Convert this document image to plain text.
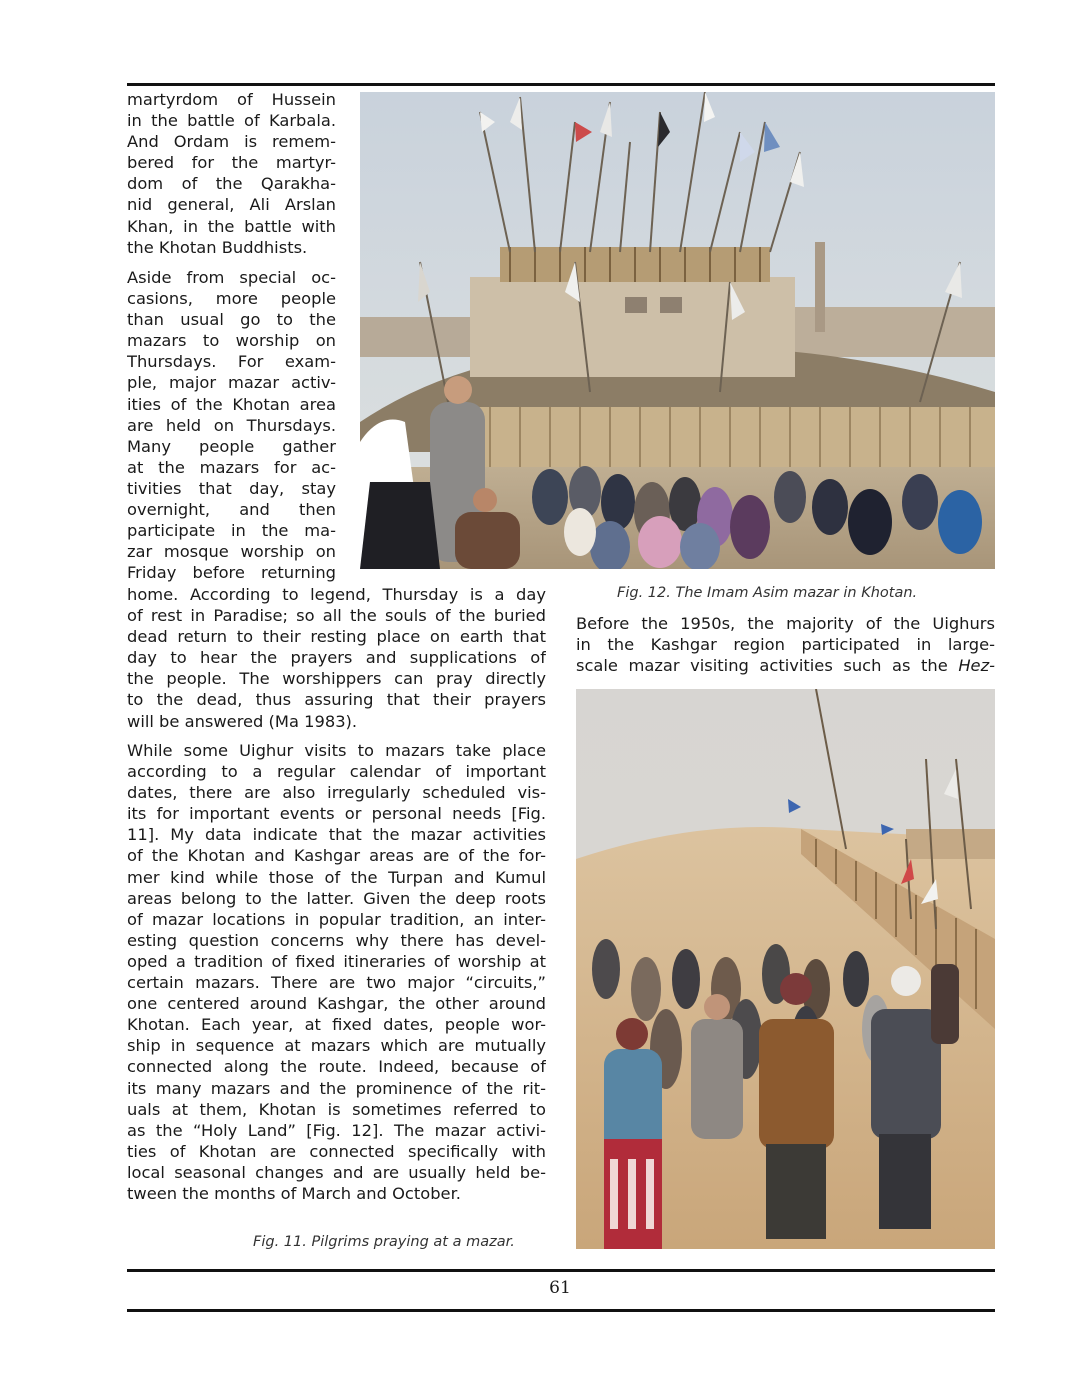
martyrdom of Hussein
in the battle of Karbala.
And Ordam is remem-
bered for the martyr-
dom of the Qarakha-
nid general, Ali Arslan
Khan, in the battle with
the Khotan Buddhists.
Aside from special oc-
casions, more people
than usual go to the
mazars to worship on
Thursdays. For exam-
ple, major mazar activ-
ities of the Khotan area
are held on Thursdays.
Many people gather
at the mazars for ac-
tivities that day, stay
overnight, and then
participate in the ma-
zar mosque worship on
Friday before returning
home. According to legend, Thursday is a day
of rest in Paradise; so all the souls of the buried
dead return to their resting place on earth that
day to hear the prayers and supplications of
the people. The worshippers can pray directly
to the dead, thus assuring that their prayers
will be answered (Ma 1983).
While some Uighur visits to mazars take place
according to a regular calendar of important
dates, there are also irregularly scheduled vis-
its for important events or personal needs [Fig.
11]. My data indicate that the mazar activities
of the Khotan and Kashgar areas are of the for-
mer kind while those of the Turpan and Kumul
areas belong to the latter. Given the deep roots
of mazar locations in popular tradition, an inter-
esting question concerns why there has devel-
oped a tradition of fixed itineraries of worship at
certain mazars. There are two major “circuits,”
one centered around Kashgar, the other around
Khotan. Each year, at fixed dates, people wor-
ship in sequence at mazars which are mutually
connected along the route. Indeed, because of
its many mazars and the prominence of the rit-
uals at them, Khotan is sometimes referred to
as the “Holy Land” [Fig. 12]. The mazar activi-
ties of Khotan are connected specifically with
local seasonal changes and are usually held be-
tween the months of March and October.
Before the 1950s, the majority of the Uighurs
in the Kashgar region participated in large-
scale mazar visiting activities such as the Hez-
Fig. 12. The Imam Asim mazar in Khotan.
Fig. 11. Pilgrims praying at a mazar.
61
